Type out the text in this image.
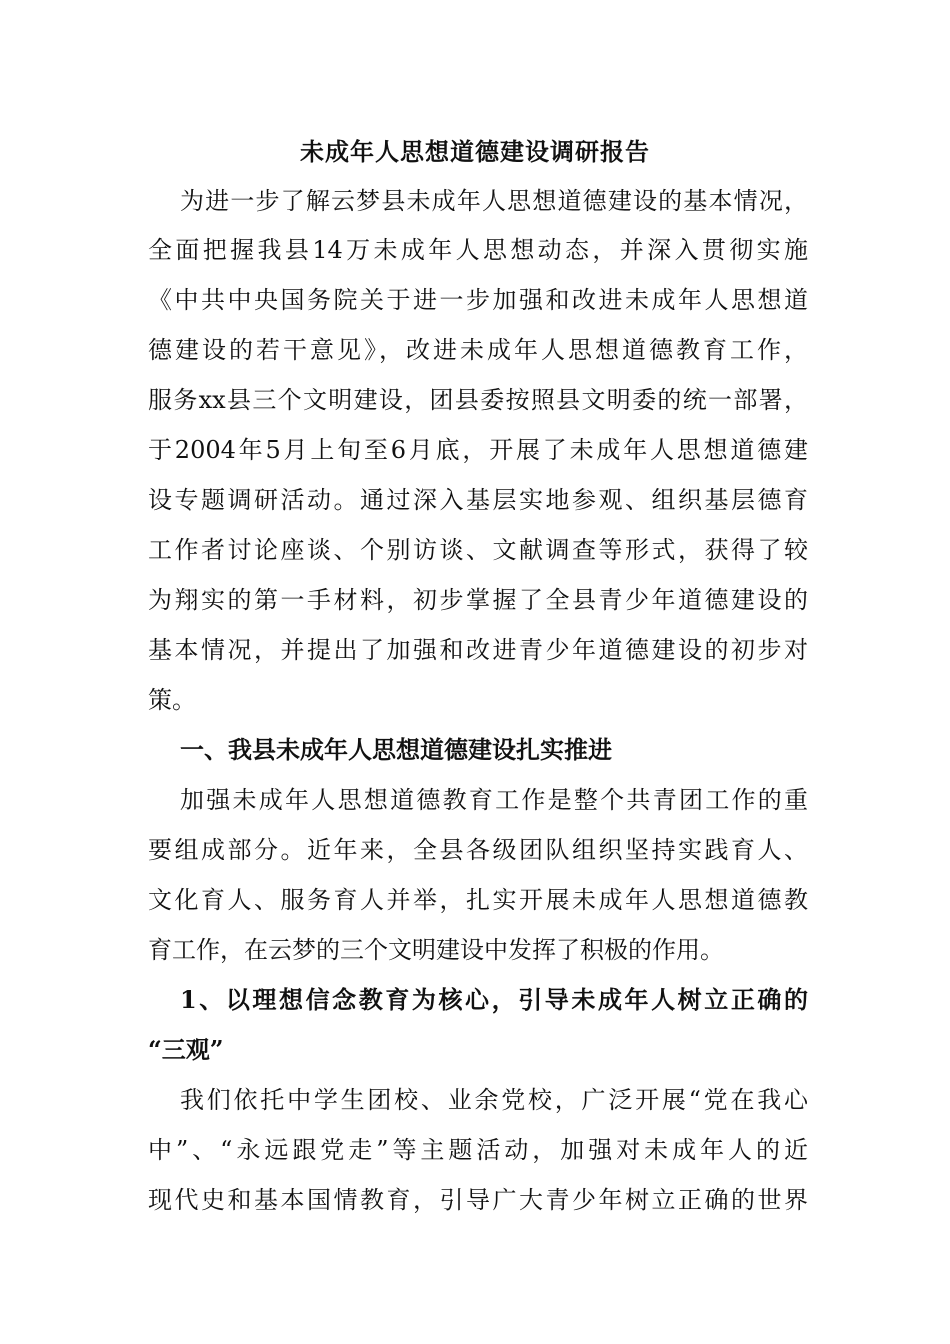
未成年人思想道德建设调研报告
为进一步了解云梦县未成年人思想道德建设的基本情况，
全面把握我县14万未成年人思想动态，并深入贯彻实施
《中共中央国务院关于进一步加强和改进未成年人思想道
德建设的若干意见》，改进未成年人思想道德教育工作，
服务xx县三个文明建设，团县委按照县文明委的统一部署，
于2004年5月上旬至6月底，开展了未成年人思想道德建
设专题调研活动。通过深入基层实地参观、组织基层德育
工作者讨论座谈、个别访谈、文献调查等形式，获得了较
为翔实的第一手材料，初步掌握了全县青少年道德建设的
基本情况，并提出了加强和改进青少年道德建设的初步对
策。
一、我县未成年人思想道德建设扎实推进
加强未成年人思想道德教育工作是整个共青团工作的重
要组成部分。近年来，全县各级团队组织坚持实践育人、
文化育人、服务育人并举，扎实开展未成年人思想道德教
育工作，在云梦的三个文明建设中发挥了积极的作用。
1、以理想信念教育为核心，引导未成年人树立正确的
“三观”
我们依托中学生团校、业余党校，广泛开展“党在我心
中”、“永远跟党走”等主题活动，加强对未成年人的近
现代史和基本国情教育，引导广大青少年树立正确的世界
